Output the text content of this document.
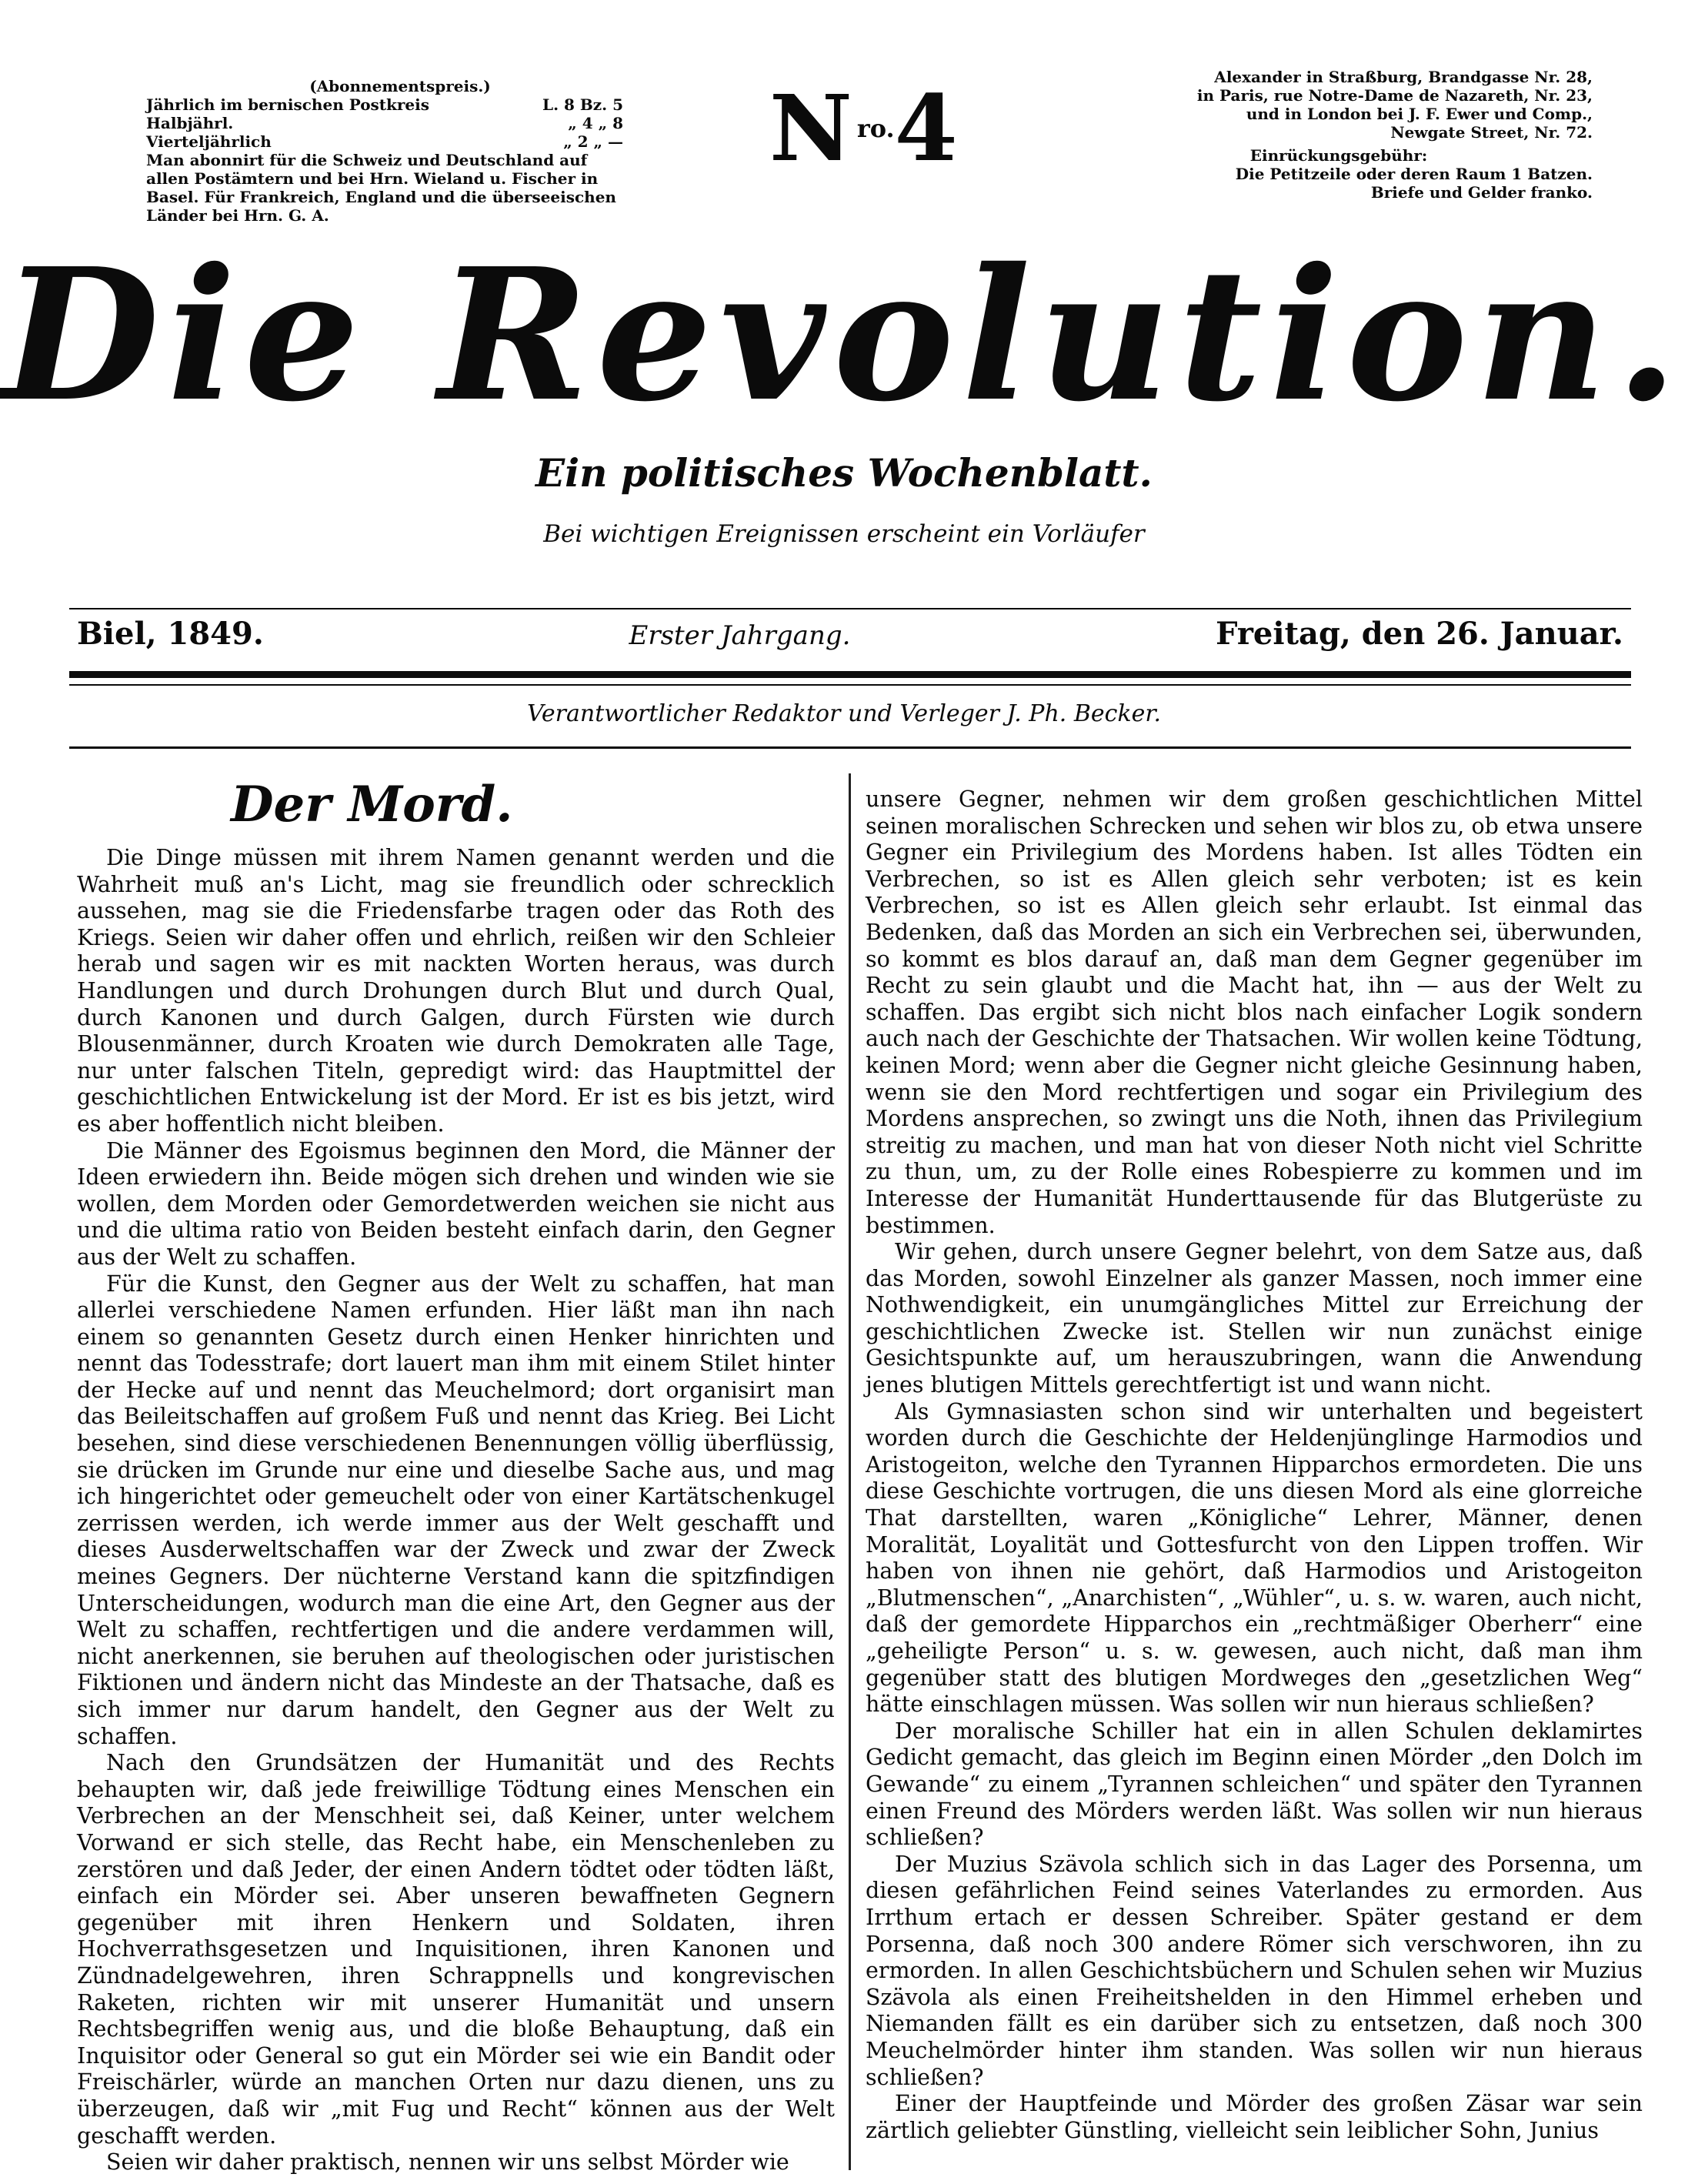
(Abonnementspreis.)
Jährlich im bernischen Postkreis	L. 8 Bz. 5
Halbjährl.	„ 4 „ 8
Vierteljährlich	„ 2 „ —
Man abonnirt für die Schweiz und Deutschland auf allen Postämtern und bei Hrn. Wieland u. Fischer in Basel. Für Frankreich, England und die überseeischen Länder bei Hrn. G. A.
$N^{ro.}4$	Alexander in Straßburg, Brandgasse Nr. 28,
in Paris, rue Notre-Dame de Nazareth, Nr. 23,
und in London bei J. F. Ewer und Comp.,
Newgate Street, Nr. 72.
Einrückungsgebühr:
Die Petitzeile oder deren Raum 1 Batzen.
Briefe und Gelder franko.
Die Revolution.
Ein politisches Wochenblatt.
Bei wichtigen Ereignissen erscheint ein Vorläufer
Biel, 1849.	Erster Jahrgang.	Freitag, den 26. Januar.
Verantwortlicher Redaktor und Verleger J. Ph. Becker.
Der Mord.

Die Dinge müssen mit ihrem Namen genannt werden und die Wahrheit muß an's Licht, mag sie freundlich oder schrecklich aussehen, mag sie die Friedensfarbe tragen oder das Roth des Kriegs. Seien wir daher offen und ehrlich, reißen wir den Schleier herab und sagen wir es mit nackten Worten heraus, was durch Handlungen und durch Drohungen durch Blut und durch Qual, durch Kanonen und durch Galgen, durch Fürsten wie durch Blousenmänner, durch Kroaten wie durch Demokraten alle Tage, nur unter falschen Titeln, gepredigt wird: das Hauptmittel der geschichtlichen Entwickelung ist der Mord. Er ist es bis jetzt, wird es aber hoffentlich nicht bleiben.

Die Männer des Egoismus beginnen den Mord, die Männer der Ideen erwiedern ihn. Beide mögen sich drehen und winden wie sie wollen, dem Morden oder Gemordetwerden weichen sie nicht aus und die ultima ratio von Beiden besteht einfach darin, den Gegner aus der Welt zu schaffen.

Für die Kunst, den Gegner aus der Welt zu schaffen, hat man allerlei verschiedene Namen erfunden. Hier läßt man ihn nach einem so genannten Gesetz durch einen Henker hinrichten und nennt das Todesstrafe; dort lauert man ihm mit einem Stilet hinter der Hecke auf und nennt das Meuchelmord; dort organisirt man das Beileitschaffen auf großem Fuß und nennt das Krieg. Bei Licht besehen, sind diese verschiedenen Benennungen völlig überflüssig, sie drücken im Grunde nur eine und dieselbe Sache aus, und mag ich hingerichtet oder gemeuchelt oder von einer Kartätschenkugel zerrissen werden, ich werde immer aus der Welt geschafft und dieses Ausderweltschaffen war der Zweck und zwar der Zweck meines Gegners. Der nüchterne Verstand kann die spitzfindigen Unterscheidungen, wodurch man die eine Art, den Gegner aus der Welt zu schaffen, rechtfertigen und die andere verdammen will, nicht anerkennen, sie beruhen auf theologischen oder juristischen Fiktionen und ändern nicht das Mindeste an der Thatsache, daß es sich immer nur darum handelt, den Gegner aus der Welt zu schaffen.

Nach den Grundsätzen der Humanität und des Rechts behaupten wir, daß jede freiwillige Tödtung eines Menschen ein Verbrechen an der Menschheit sei, daß Keiner, unter welchem Vorwand er sich stelle, das Recht habe, ein Menschenleben zu zerstören und daß Jeder, der einen Andern tödtet oder tödten läßt, einfach ein Mörder sei. Aber unseren bewaffneten Gegnern gegenüber mit ihren Henkern und Soldaten, ihren Hochverrathsgesetzen und Inquisitionen, ihren Kanonen und Zündnadelgewehren, ihren Schrappnells und kongrevischen Raketen, richten wir mit unserer Humanität und unsern Rechtsbegriffen wenig aus, und die bloße Behauptung, daß ein Inquisitor oder General so gut ein Mörder sei wie ein Bandit oder Freischärler, würde an manchen Orten nur dazu dienen, uns zu überzeugen, daß wir „mit Fug und Recht“ können aus der Welt geschafft werden.

Seien wir daher praktisch, nennen wir uns selbst Mörder wie

unsere Gegner, nehmen wir dem großen geschichtlichen Mittel seinen moralischen Schrecken und sehen wir blos zu, ob etwa unsere Gegner ein Privilegium des Mordens haben. Ist alles Tödten ein Verbrechen, so ist es Allen gleich sehr verboten; ist es kein Verbrechen, so ist es Allen gleich sehr erlaubt. Ist einmal das Bedenken, daß das Morden an sich ein Verbrechen sei, überwunden, so kommt es blos darauf an, daß man dem Gegner gegenüber im Recht zu sein glaubt und die Macht hat, ihn — aus der Welt zu schaffen. Das ergibt sich nicht blos nach einfacher Logik sondern auch nach der Geschichte der Thatsachen. Wir wollen keine Tödtung, keinen Mord; wenn aber die Gegner nicht gleiche Gesinnung haben, wenn sie den Mord rechtfertigen und sogar ein Privilegium des Mordens ansprechen, so zwingt uns die Noth, ihnen das Privilegium streitig zu machen, und man hat von dieser Noth nicht viel Schritte zu thun, um, zu der Rolle eines Robespierre zu kommen und im Interesse der Humanität Hunderttausende für das Blutgerüste zu bestimmen.

Wir gehen, durch unsere Gegner belehrt, von dem Satze aus, daß das Morden, sowohl Einzelner als ganzer Massen, noch immer eine Nothwendigkeit, ein unumgängliches Mittel zur Erreichung der geschichtlichen Zwecke ist. Stellen wir nun zunächst einige Gesichtspunkte auf, um herauszubringen, wann die Anwendung jenes blutigen Mittels gerechtfertigt ist und wann nicht.

Als Gymnasiasten schon sind wir unterhalten und begeistert worden durch die Geschichte der Heldenjünglinge Harmodios und Aristogeiton, welche den Tyrannen Hipparchos ermordeten. Die uns diese Geschichte vortrugen, die uns diesen Mord als eine glorreiche That darstellten, waren „Königliche“ Lehrer, Männer, denen Moralität, Loyalität und Gottesfurcht von den Lippen troffen. Wir haben von ihnen nie gehört, daß Harmodios und Aristogeiton „Blutmenschen“, „Anarchisten“, „Wühler“, u. s. w. waren, auch nicht, daß der gemordete Hipparchos ein „rechtmäßiger Oberherr“ eine „geheiligte Person“ u. s. w. gewesen, auch nicht, daß man ihm gegenüber statt des blutigen Mordweges den „gesetzlichen Weg“ hätte einschlagen müssen. Was sollen wir nun hieraus schließen?

Der moralische Schiller hat ein in allen Schulen deklamirtes Gedicht gemacht, das gleich im Beginn einen Mörder „den Dolch im Gewande“ zu einem „Tyrannen schleichen“ und später den Tyrannen einen Freund des Mörders werden läßt. Was sollen wir nun hieraus schließen?

Der Muzius Szävola schlich sich in das Lager des Porsenna, um diesen gefährlichen Feind seines Vaterlandes zu ermorden. Aus Irrthum ertach er dessen Schreiber. Später gestand er dem Porsenna, daß noch 300 andere Römer sich verschworen, ihn zu ermorden. In allen Geschichtsbüchern und Schulen sehen wir Muzius Szävola als einen Freiheitshelden in den Himmel erheben und Niemanden fällt es ein darüber sich zu entsetzen, daß noch 300 Meuchelmörder hinter ihm standen. Was sollen wir nun hieraus schließen?

Einer der Hauptfeinde und Mörder des großen Zäsar war sein zärtlich geliebter Günstling, vielleicht sein leiblicher Sohn, Junius
